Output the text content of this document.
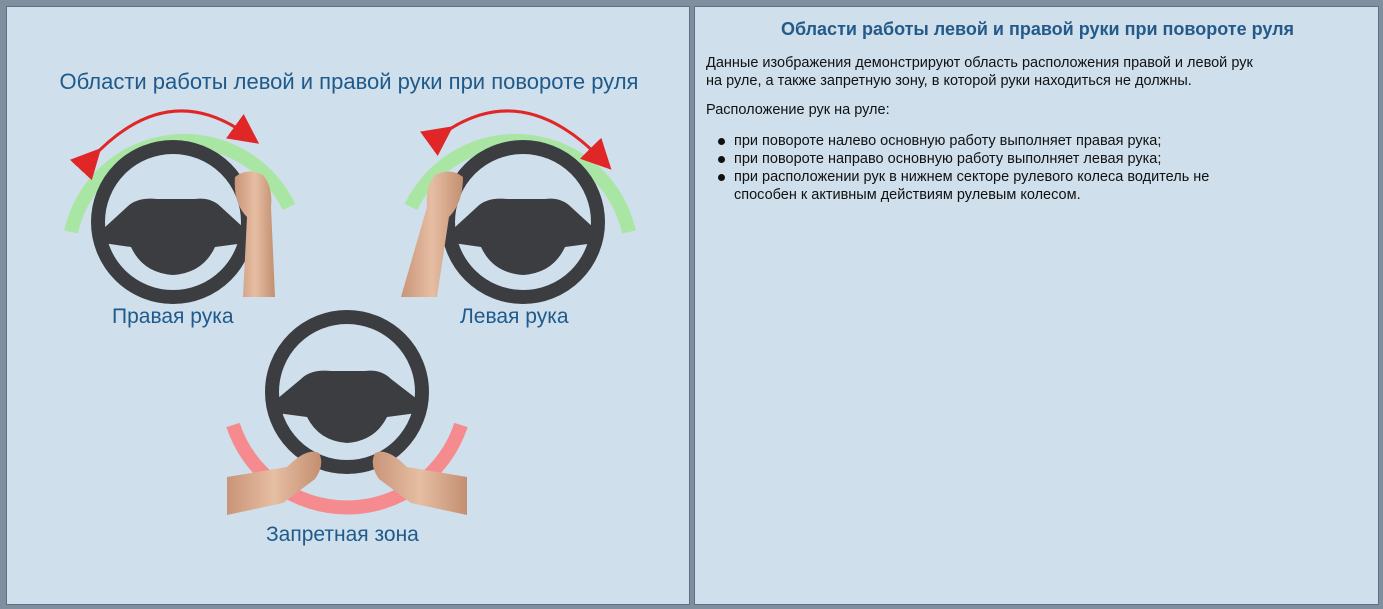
Области работы левой и правой руки при повороте руля
Правая рука	Левая рука
Запретная зона
Области работы левой и правой руки при повороте руля
Данные изображения демонстрируют область расположения правой и левой рук
на руле, а также запретную зону, в которой руки находиться не должны.
Расположение рук на руле:
при повороте налево основную работу выполняет правая рука;
при повороте направо основную работу выполняет левая рука;
при расположении рук в нижнем секторе рулевого колеса водитель не
способен к активным действиям рулевым колесом.
